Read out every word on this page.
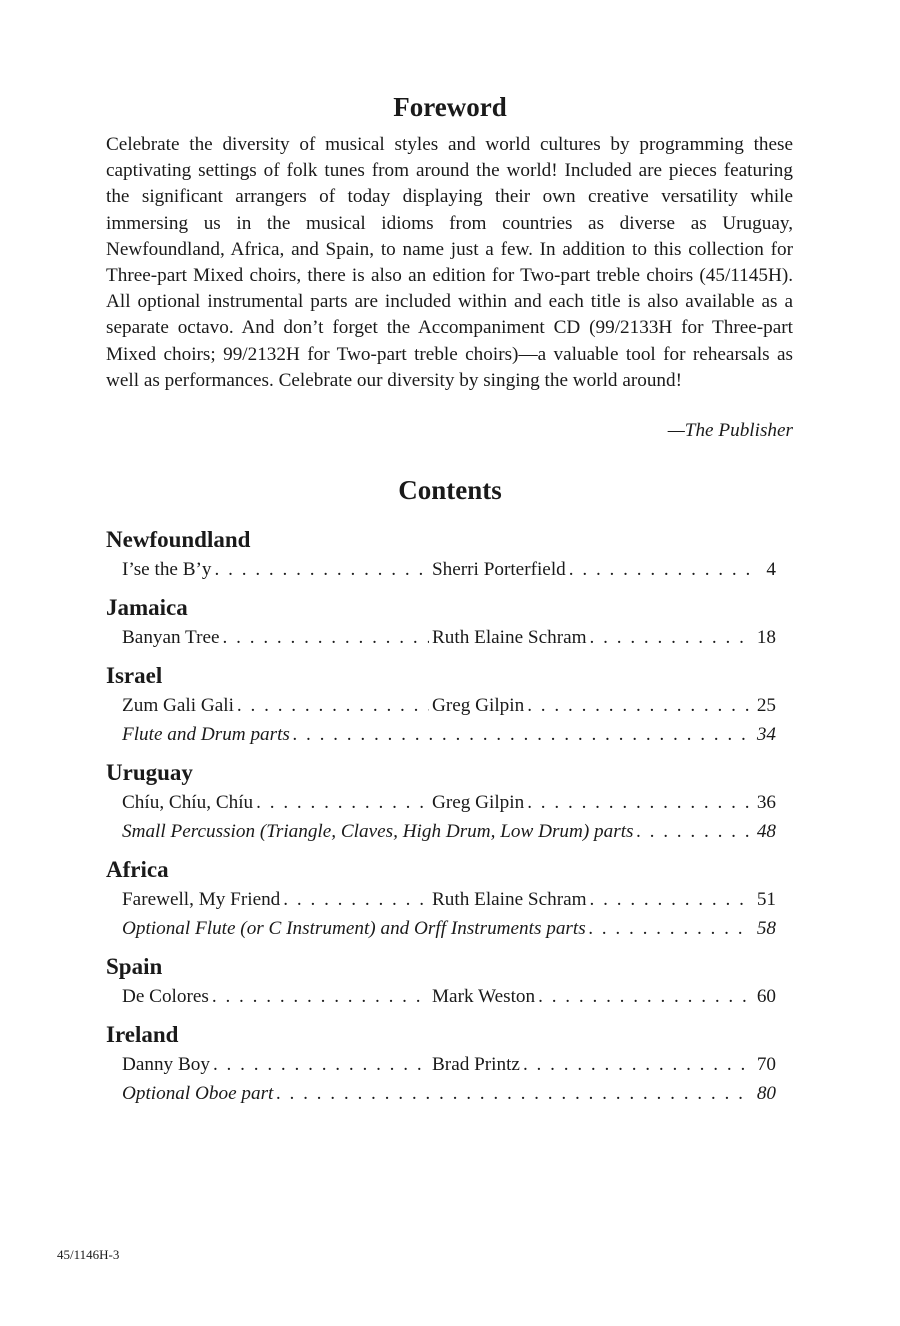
Foreword

Celebrate the diversity of musical styles and world cultures by programming these captivating settings of folk tunes from around the world! Included are pieces featuring the significant arrangers of today displaying their own creative versatility while immersing us in the musical idioms from countries as diverse as Uruguay, Newfoundland, Africa, and Spain, to name just a few. In addition to this collection for Three-part Mixed choirs, there is also an edition for Two-part treble choirs (45/1145H). All optional instrumental parts are included within and each title is also available as a separate octavo. And don’t forget the Accompaniment CD (99/2133H for Three-part Mixed choirs; 99/2132H for Two-part treble choirs)—a valuable tool for rehearsals as well as performances. Celebrate our diversity by singing the world around!

—The Publisher
Contents
Newfoundland
I’se the B’y . . .	Sherri Porterfield . . .	4
Jamaica
Banyan Tree . . .	Ruth Elaine Schram . . .	18
Israel
Zum Gali Gali . . .	Greg Gilpin . . .	25
Flute and Drum parts . . .	34
Uruguay
Chíu, Chíu, Chíu . . .	Greg Gilpin . . .	36
Small Percussion (Triangle, Claves, High Drum, Low Drum) parts . . .	48
Africa
Farewell, My Friend . . .	Ruth Elaine Schram . . .	51
Optional Flute (or C Instrument) and Orff Instruments parts . . .	58
Spain
De Colores . . .	Mark Weston . . .	60
Ireland
Danny Boy . . .	Brad Printz . . .	70
Optional Oboe part . . .	80
45/1146H-3
